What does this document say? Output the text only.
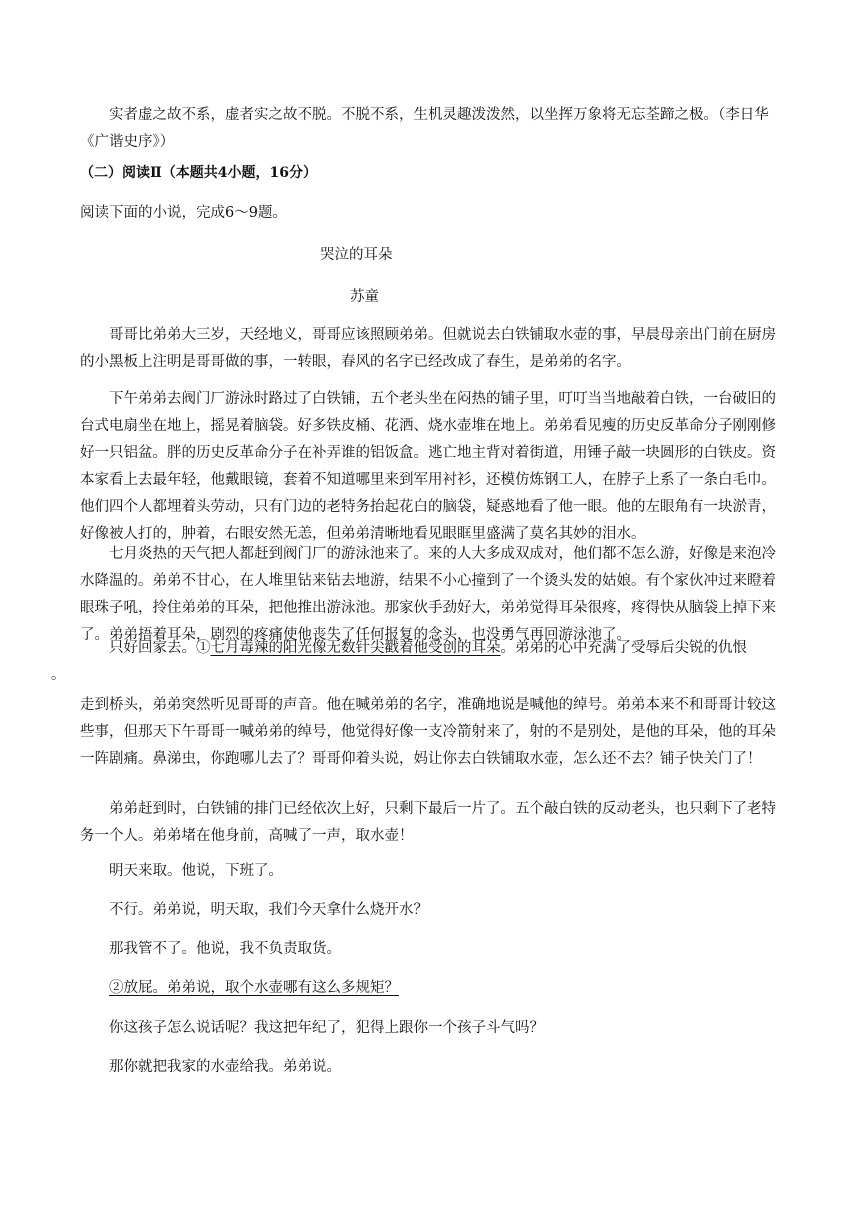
实者虚之故不系，虚者实之故不脱。不脱不系，生机灵趣泼泼然，以坐挥万象将无忘荃蹄之极。（李日华《广谐史序》）

（二）阅读Ⅱ（本题共4小题，16分）

阅读下面的小说，完成6～9题。

哭泣的耳朵

苏童

哥哥比弟弟大三岁，天经地义，哥哥应该照顾弟弟。但就说去白铁铺取水壶的事，早晨母亲出门前在厨房的小黑板上注明是哥哥做的事，一转眼，春风的名字已经改成了春生，是弟弟的名字。

下午弟弟去阀门厂游泳时路过了白铁铺，五个老头坐在闷热的铺子里，叮叮当当地敲着白铁，一台破旧的台式电扇坐在地上，摇晃着脑袋。好多铁皮桶、花洒、烧水壶堆在地上。弟弟看见瘦的历史反革命分子刚刚修好一只铝盆。胖的历史反革命分子在补弄谁的铝饭盒。逃亡地主背对着街道，用锤子敲一块圆形的白铁皮。资本家看上去最年轻，他戴眼镜，套着不知道哪里来到军用衬衫，还模仿炼钢工人，在脖子上系了一条白毛巾。他们四个人都埋着头劳动，只有门边的老特务抬起花白的脑袋，疑惑地看了他一眼。他的左眼角有一块淤青，好像被人打的，肿着，右眼安然无恙，但弟弟清晰地看见眼眶里盛满了莫名其妙的泪水。

七月炎热的天气把人都赶到阀门厂的游泳池来了。来的人大多成双成对，他们都不怎么游，好像是来泡冷水降温的。弟弟不甘心，在人堆里钻来钻去地游，结果不小心撞到了一个烫头发的姑娘。有个家伙冲过来瞪着眼珠子吼，拎住弟弟的耳朵，把他推出游泳池。那家伙手劲好大，弟弟觉得耳朵很疼，疼得快从脑袋上掉下来了。弟弟捂着耳朵，剧烈的疼痛使他丧失了任何报复的念头，也没勇气再回游泳池了。

只好回家去。①七月毒辣的阳光像无数针尖戳着他受创的耳朵。弟弟的心中充满了受辱后尖锐的仇恨
。

走到桥头，弟弟突然听见哥哥的声音。他在喊弟弟的名字，准确地说是喊他的绰号。弟弟本来不和哥哥计较这些事，但那天下午哥哥一喊弟弟的绰号，他觉得好像一支冷箭射来了，射的不是别处，是他的耳朵，他的耳朵一阵剧痛。鼻涕虫，你跑哪儿去了？哥哥仰着头说，妈让你去白铁铺取水壶，怎么还不去？铺子快关门了！

弟弟赶到时，白铁铺的排门已经依次上好，只剩下最后一片了。五个敲白铁的反动老头，也只剩下了老特务一个人。弟弟堵在他身前，高喊了一声，取水壶！

明天来取。他说，下班了。

不行。弟弟说，明天取，我们今天拿什么烧开水？

那我管不了。他说，我不负责取货。

②放屁。弟弟说，取个水壶哪有这么多规矩？

你这孩子怎么说话呢？我这把年纪了，犯得上跟你一个孩子斗气吗？

那你就把我家的水壶给我。弟弟说。
